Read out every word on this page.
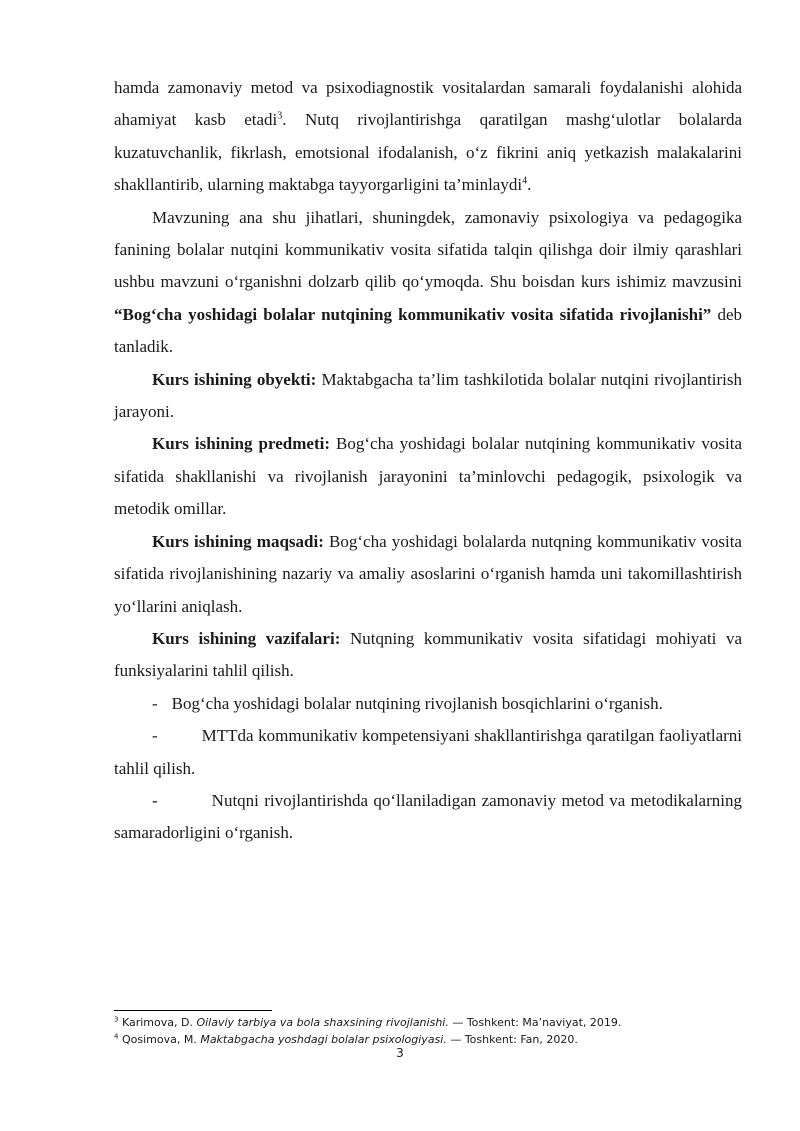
hamda zamonaviy metod va psixodiagnostik vositalardan samarali foydalanishi alohida ahamiyat kasb etadi$^3$. Nutq rivojlantirishga qaratilgan mashg‘ulotlar bolalarda kuzatuvchanlik, fikrlash, emotsional ifodalanish, o‘z fikrini aniq yetkazish malakalarini shakllantirib, ularning maktabga tayyorgarligini ta’minlaydi$^4$.

Mavzuning ana shu jihatlari, shuningdek, zamonaviy psixologiya va pedagogika fanining bolalar nutqini kommunikativ vosita sifatida talqin qilishga doir ilmiy qarashlari ushbu mavzuni o‘rganishni dolzarb qilib qo‘ymoqda. Shu boisdan kurs ishimiz mavzusini “Bog‘cha yoshidagi bolalar nutqining kommunikativ vosita sifatida rivojlanishi” deb tanladik.

Kurs ishining obyekti: Maktabgacha ta’lim tashkilotida bolalar nutqini rivojlantirish jarayoni.

Kurs ishining predmeti: Bog‘cha yoshidagi bolalar nutqining kommunikativ vosita sifatida shakllanishi va rivojlanish jarayonini ta’minlovchi pedagogik, psixologik va metodik omillar.

Kurs ishining maqsadi: Bog‘cha yoshidagi bolalarda nutqning kommunikativ vosita sifatida rivojlanishining nazariy va amaliy asoslarini o‘rganish hamda uni takomillashtirish yo‘llarini aniqlash.

Kurs ishining vazifalari: Nutqning kommunikativ vosita sifatidagi mohiyati va funksiyalarini tahlil qilish.

- Bog‘cha yoshidagi bolalar nutqining rivojlanish bosqichlarini o‘rganish.

-	MTTda kommunikativ kompetensiyani shakllantirishga qaratilgan faoliyatlarni tahlil qilish.

-	Nutqni rivojlantirishda qo‘llaniladigan zamonaviy metod va metodikalarning samaradorligini o‘rganish.

$^3$ Karimova, D. Oilaviy tarbiya va bola shaxsining rivojlanishi. — Toshkent: Ma’naviyat, 2019.

$^4$ Qosimova, M. Maktabgacha yoshdagi bolalar psixologiyasi. — Toshkent: Fan, 2020.

3
